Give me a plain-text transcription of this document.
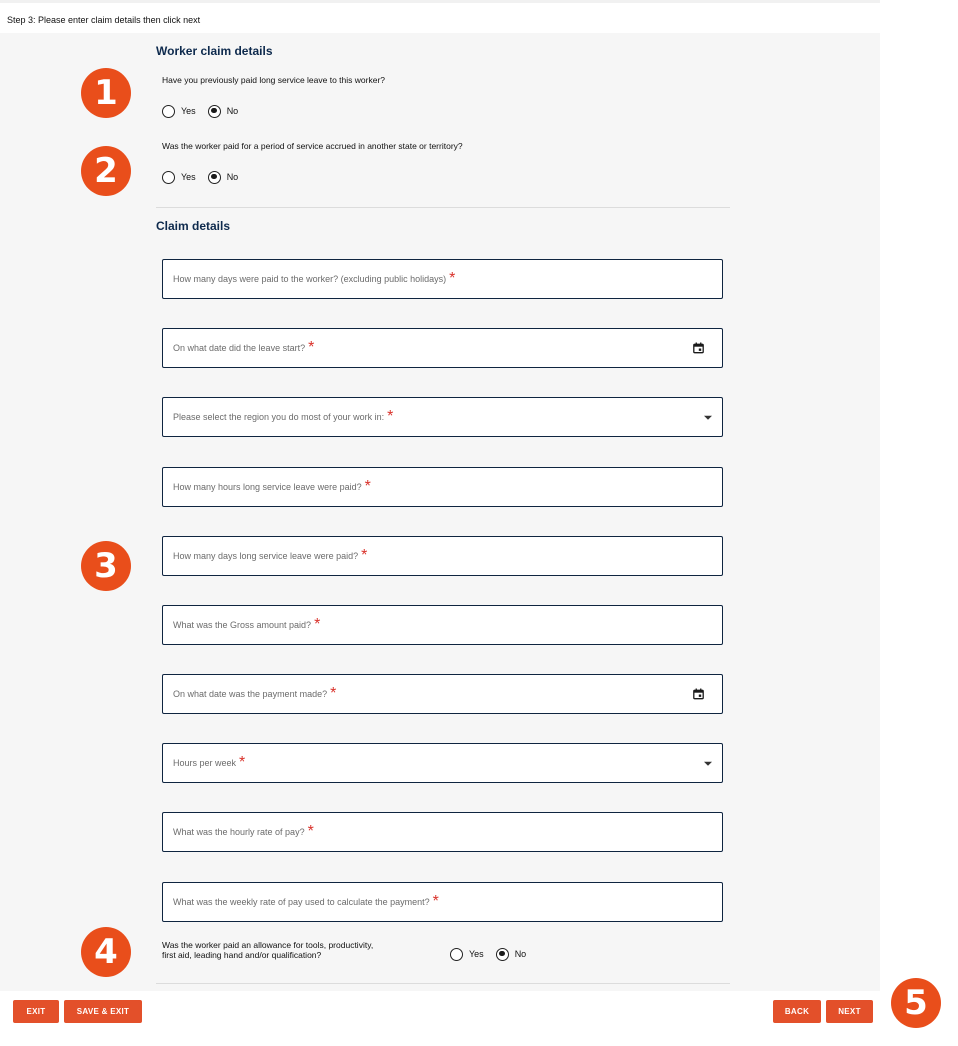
Step 3: Please enter claim details then click next
Worker claim details
Have you previously paid long service leave to this worker?
Yes	No
Was the worker paid for a period of service accrued in another state or territory?
Yes	No
Claim details
How many days were paid to the worker? (excluding public holidays) *
On what date did the leave start? *
Please select the region you do most of your work in: *
How many hours long service leave were paid? *
How many days long service leave were paid? *
What was the Gross amount paid? *
On what date was the payment made? *
Hours per week *
What was the hourly rate of pay? *
What was the weekly rate of pay used to calculate the payment? *
Was the worker paid an allowance for tools, productivity,
first aid, leading hand and/or qualification?	Yes	No
1
2
3
4
5
EXIT	SAVE & EXIT	BACK	NEXT
